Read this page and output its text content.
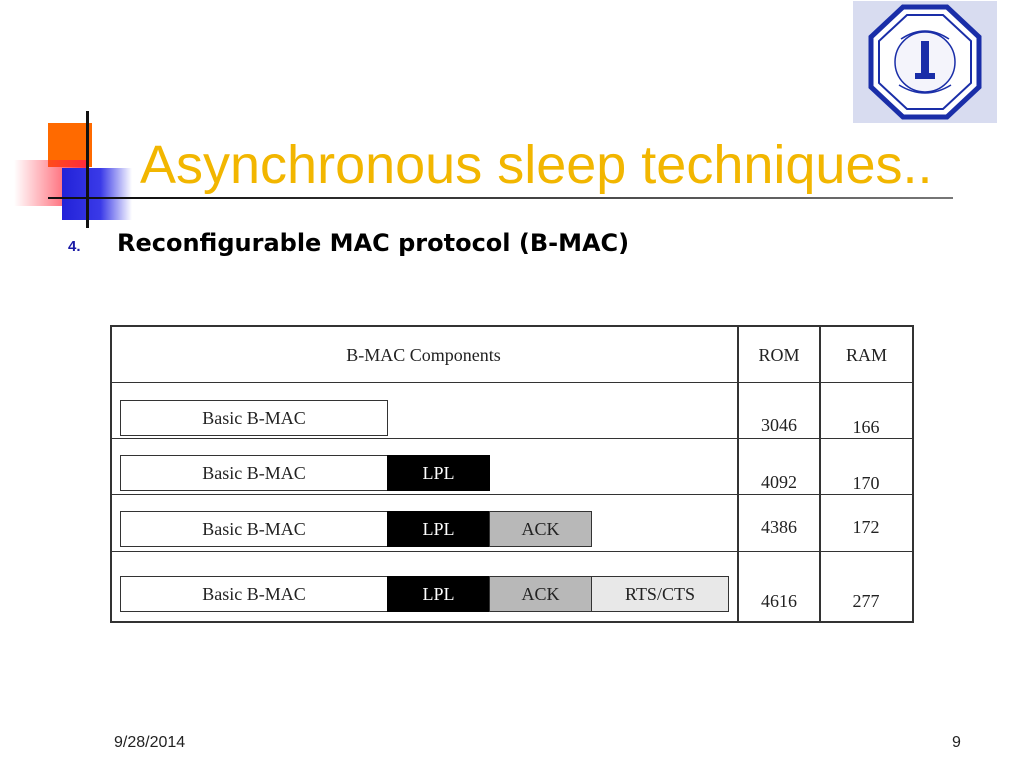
Asynchronous sleep techniques..
4. Reconfigurable MAC protocol (B-MAC)
B-MAC Components	ROM	RAM
Basic B-MAC	3046	166
Basic B-MAC	LPL	4092	170
Basic B-MAC	LPL	ACK	4386	172
Basic B-MAC	LPL	ACK	RTS/CTS	4616	277
9/28/2014	9
